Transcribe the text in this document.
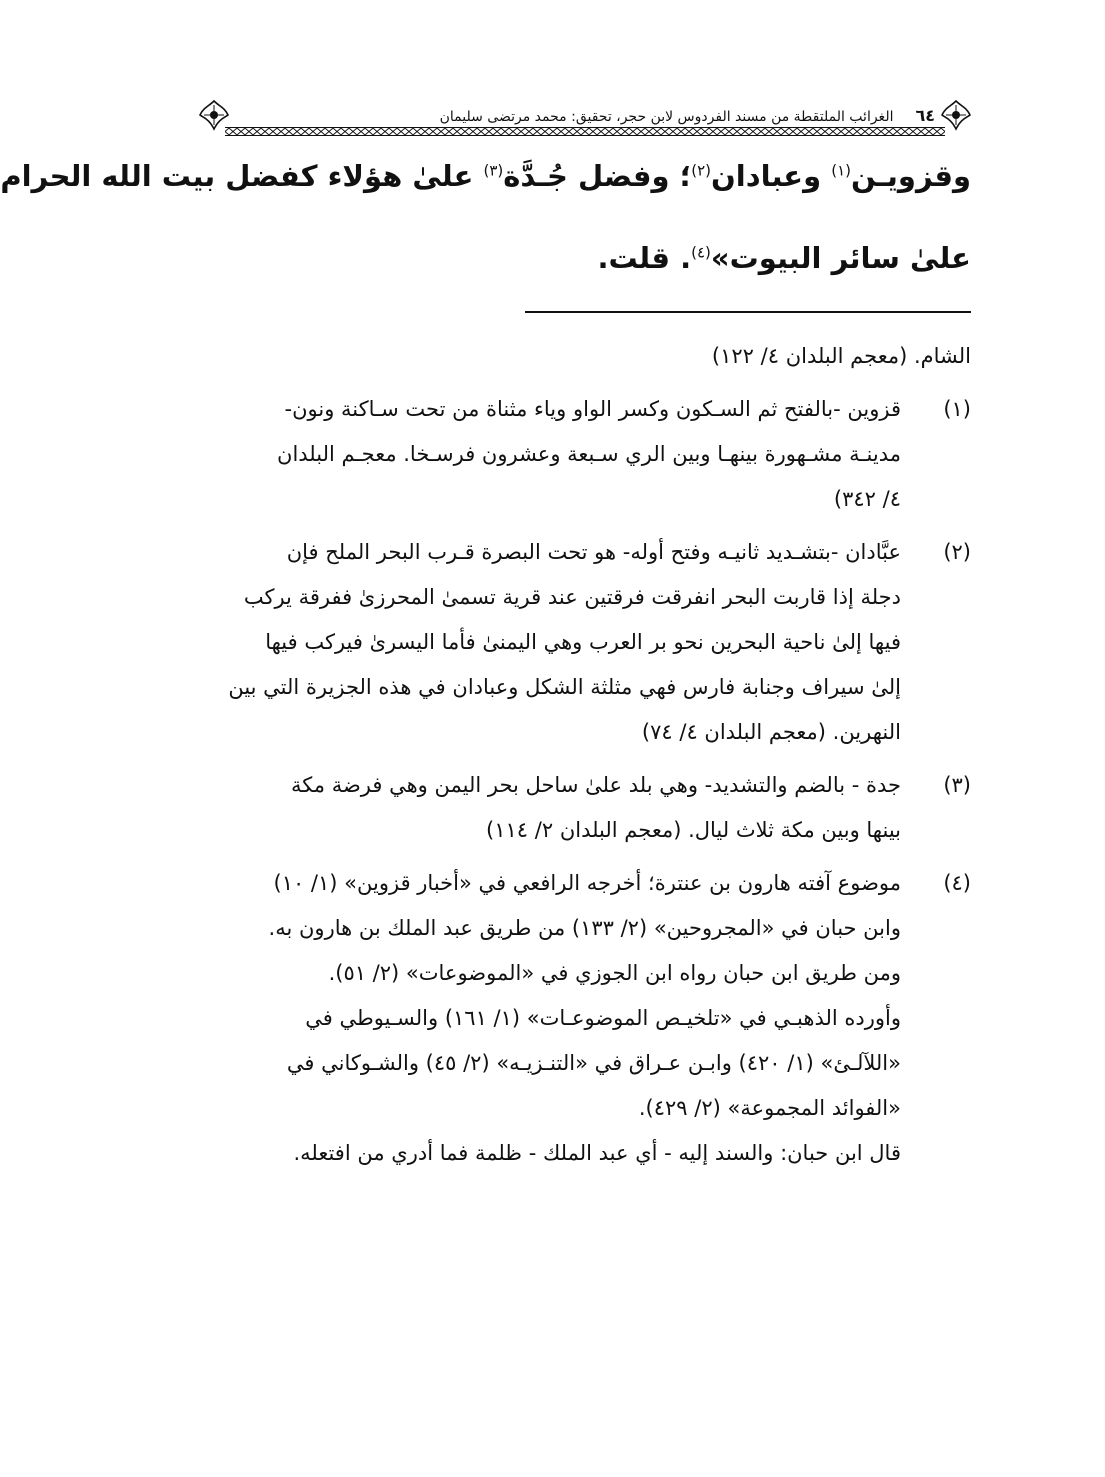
٦٤
الغرائب الملتقطة من مسند الفردوس لابن حجر، تحقيق: محمد مرتضى سليمان
وقزويـن$^{(١)}$ وعبادان$^{(٢)}$؛ وفضل جُـدَّة$^{(٣)}$ علىٰ هؤلاء كفضل بيت الله الحرام
علىٰ سائر البيوت»$^{(٤)}$. قلت.
الشام. (معجم البلدان ٤/ ١٢٢)
(١)
قزوين -بالفتح ثم السـكون وكسر الواو وياء مثناة من تحت سـاكنة ونون-
مدينـة مشـهورة بينهـا وبين الري سـبعة وعشرون فرسـخا. معجـم البلدان
٤/ ٣٤٢)
(٢)
عبَّادان -بتشـديد ثانيـه وفتح أوله- هو تحت البصرة قـرب البحر الملح فإن
دجلة إذا قاربت البحر انفرقت فرقتين عند قرية تسمىٰ المحرزىٰ ففرقة يركب
فيها إلىٰ ناحية البحرين نحو بر العرب وهي اليمنىٰ فأما اليسرىٰ فيركب فيها
إلىٰ سيراف وجنابة فارس فهي مثلثة الشكل وعبادان في هذه الجزيرة التي بين
النهرين. (معجم البلدان ٤/ ٧٤)
(٣)
جدة - بالضم والتشديد- وهي بلد علىٰ ساحل بحر اليمن وهي فرضة مكة
بينها وبين مكة ثلاث ليال. (معجم البلدان ٢/ ١١٤)
(٤)
موضوع آفته هارون بن عنترة؛ أخرجه الرافعي في «أخبار قزوين» (١/ ١٠)
وابن حبان في «المجروحين» (٢/ ١٣٣) من طريق عبد الملك بن هارون به.
ومن طريق ابن حبان رواه ابن الجوزي في «الموضوعات» (٢/ ٥١).
وأورده الذهبـي في «تلخيـص الموضوعـات» (١/ ١٦١) والسـيوطي في
«اللآلـئ» (١/ ٤٢٠) وابـن عـراق في «التنـزيـه» (٢/ ٤٥) والشـوكاني في
«الفوائد المجموعة» (٢/ ٤٢٩).
قال ابن حبان: والسند إليه - أي عبد الملك - ظلمة فما أدري من افتعله.
